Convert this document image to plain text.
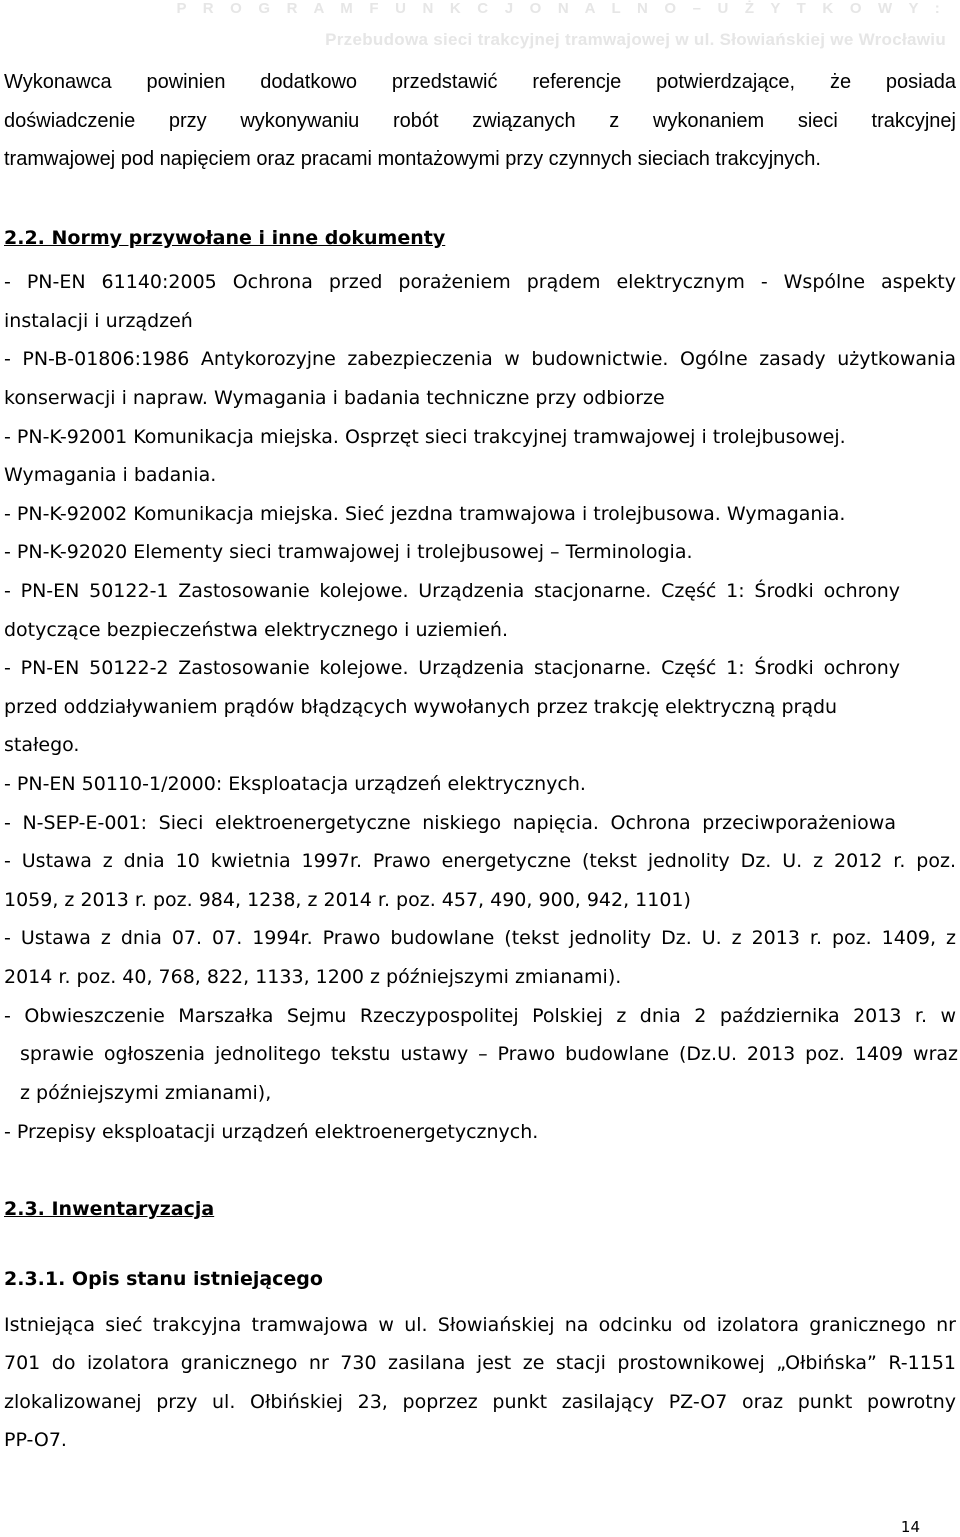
P R O G R A M F U N K C J O N A L N O – U Ż Y T K O W Y :
Przebudowa sieci trakcyjnej tramwajowej w ul. Słowiańskiej we Wrocławiu
Wykonawca powinien dodatkowo przedstawić referencje potwierdzające, że posiada
doświadczenie przy wykonywaniu robót związanych z wykonaniem sieci trakcyjnej
tramwajowej pod napięciem oraz pracami montażowymi przy czynnych sieciach trakcyjnych.
2.2. Normy przywołane i inne dokumenty
- PN-EN 61140:2005 Ochrona przed porażeniem prądem elektrycznym - Wspólne aspekty
instalacji i urządzeń
- PN-B-01806:1986 Antykorozyjne zabezpieczenia w budownictwie. Ogólne zasady użytkowania
konserwacji i napraw. Wymagania i badania techniczne przy odbiorze
- PN-K-92001 Komunikacja miejska. Osprzęt sieci trakcyjnej tramwajowej i trolejbusowej.
Wymagania i badania.
- PN-K-92002 Komunikacja miejska. Sieć jezdna tramwajowa i trolejbusowa. Wymagania.
- PN-K-92020 Elementy sieci tramwajowej i trolejbusowej – Terminologia.
- PN-EN 50122-1 Zastosowanie kolejowe. Urządzenia stacjonarne. Część 1: Środki ochrony
dotyczące bezpieczeństwa elektrycznego i uziemień.
- PN-EN 50122-2 Zastosowanie kolejowe. Urządzenia stacjonarne. Część 1: Środki ochrony
przed oddziaływaniem prądów błądzących wywołanych przez trakcję elektryczną prądu
stałego.
- PN-EN 50110-1/2000: Eksploatacja urządzeń elektrycznych.
- N-SEP-E-001: Sieci elektroenergetyczne niskiego napięcia. Ochrona przeciwporażeniowa
- Ustawa z dnia 10 kwietnia 1997r. Prawo energetyczne (tekst jednolity Dz. U. z 2012 r. poz.
1059, z 2013 r. poz. 984, 1238, z 2014 r. poz. 457, 490, 900, 942, 1101)
- Ustawa z dnia 07. 07. 1994r. Prawo budowlane (tekst jednolity Dz. U. z 2013 r. poz. 1409, z
2014 r. poz. 40, 768, 822, 1133, 1200 z późniejszymi zmianami).
- Obwieszczenie Marszałka Sejmu Rzeczypospolitej Polskiej z dnia 2 października 2013 r. w
sprawie ogłoszenia jednolitego tekstu ustawy – Prawo budowlane (Dz.U. 2013 poz. 1409 wraz
z późniejszymi zmianami),
- Przepisy eksploatacji urządzeń elektroenergetycznych.
2.3. Inwentaryzacja
2.3.1. Opis stanu istniejącego
Istniejąca sieć trakcyjna tramwajowa w ul. Słowiańskiej na odcinku od izolatora granicznego nr
701 do izolatora granicznego nr 730 zasilana jest ze stacji prostownikowej „Ołbińska” R-1151
zlokalizowanej przy ul. Ołbińskiej 23, poprzez punkt zasilający PZ-O7 oraz punkt powrotny
PP-O7.
14
